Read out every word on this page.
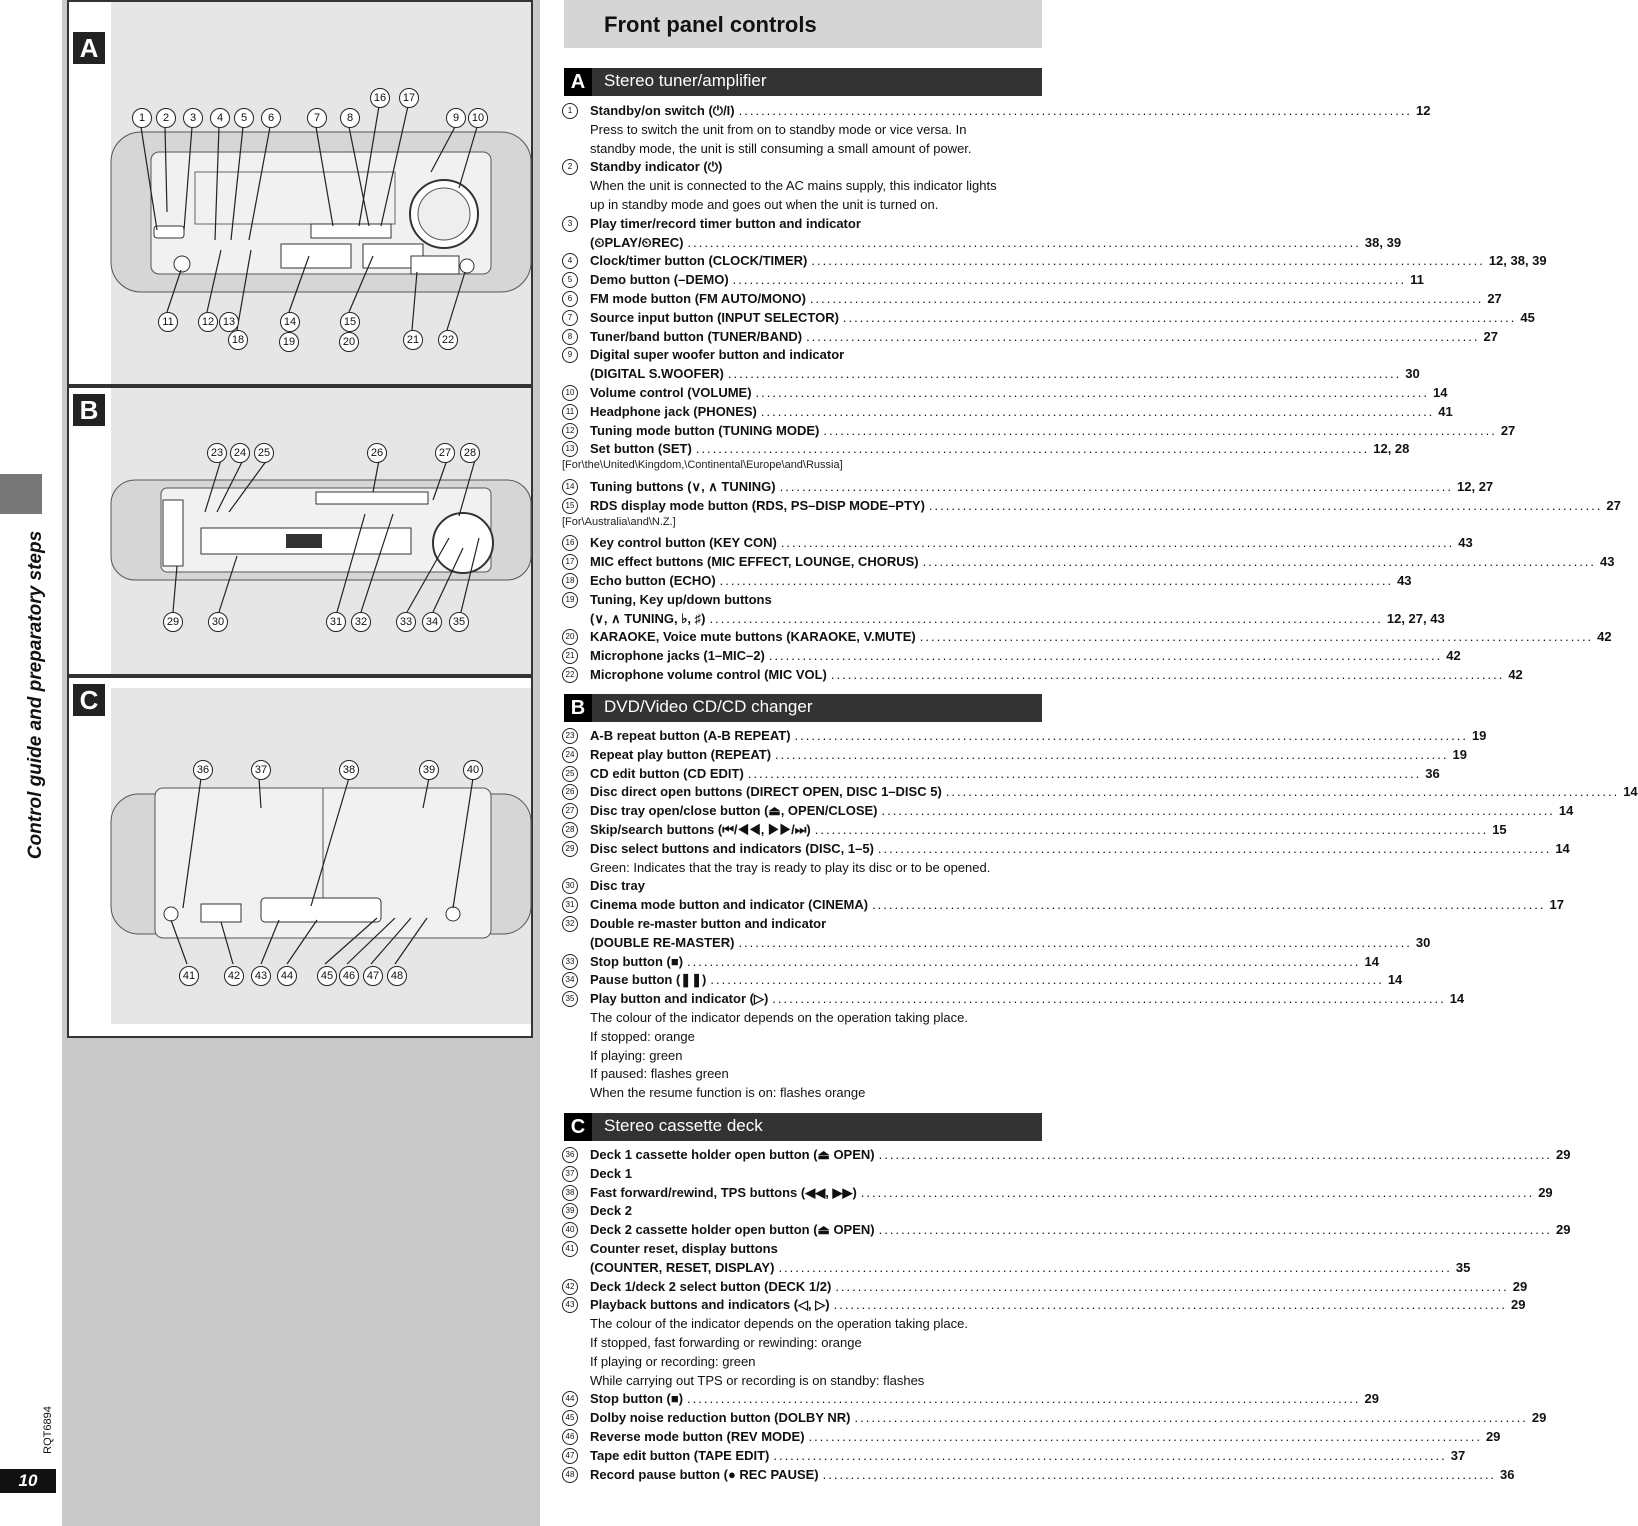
Control guide and preparatory steps
RQT6894
10
A
1	2	3	4	5	6	7	8
16	17
9	10
11	12 13	14	15
18	19	20	21	22
B
23 24	25	26	27	28
29	30	31	32	33	34	35
C
36	37	38	39	40
41	42	43	44	45 46	47	48
Front panel controls
A	Stereo tuner/amplifier
1	Standby/on switch (⏻/I) ........................................................................................................................ 12
Press to switch the unit from on to standby mode or vice versa. In
standby mode, the unit is still consuming a small amount of power.
2	Standby indicator (⏻)
When the unit is connected to the AC mains supply, this indicator lights
up in standby mode and goes out when the unit is turned on.
3	Play timer/record timer button and indicator
(⏲PLAY/⏲REC) ........................................................................................................................ 38, 39
4	Clock/timer button (CLOCK/TIMER) ........................................................................................................................ 12, 38, 39
5	Demo button (–DEMO) ........................................................................................................................ 11
6	FM mode button (FM AUTO/MONO) ........................................................................................................................ 27
7	Source input button (INPUT SELECTOR) ........................................................................................................................ 45
8	Tuner/band button (TUNER/BAND) ........................................................................................................................ 27
9	Digital super woofer button and indicator
(DIGITAL S.WOOFER) ........................................................................................................................ 30
10 Volume control (VOLUME) ........................................................................................................................ 14
11 Headphone jack (PHONES) ........................................................................................................................ 41
12 Tuning mode button (TUNING MODE) ........................................................................................................................ 27
13 Set button (SET) ........................................................................................................................ 12, 28
[For\the\United\Kingdom,\Continental\Europe\and\Russia]
14 Tuning buttons (∨, ∧ TUNING) ........................................................................................................................ 12, 27
15 RDS display mode button (RDS, PS–DISP MODE–PTY) ........................................................................................................................ 27
[For\Australia\and\N.Z.]
16 Key control button (KEY CON) ........................................................................................................................ 43
17 MIC effect buttons (MIC EFFECT, LOUNGE, CHORUS) ........................................................................................................................ 43
18 Echo button (ECHO) ........................................................................................................................ 43
19 Tuning, Key up/down buttons
(∨, ∧ TUNING, ♭, ♯) ........................................................................................................................ 12, 27, 43
20 KARAOKE, Voice mute buttons (KARAOKE, V.MUTE) ........................................................................................................................ 42
21 Microphone jacks (1–MIC–2) ........................................................................................................................ 42
22 Microphone volume control (MIC VOL) ........................................................................................................................ 42
B	DVD/Video CD/CD changer
23 A-B repeat button (A-B REPEAT) ........................................................................................................................ 19
24 Repeat play button (REPEAT) ........................................................................................................................ 19
25 CD edit button (CD EDIT) ........................................................................................................................ 36
26 Disc direct open buttons (DIRECT OPEN, DISC 1–DISC 5) ........................................................................................................................ 14
27 Disc tray open/close button (⏏, OPEN/CLOSE) ........................................................................................................................ 14
28 Skip/search buttons (⏮/◀◀, ▶▶/⏭) ........................................................................................................................ 15
29 Disc select buttons and indicators (DISC, 1–5) ........................................................................................................................ 14
Green: Indicates that the tray is ready to play its disc or to be opened.
30 Disc tray
31 Cinema mode button and indicator (CINEMA) ........................................................................................................................ 17
32 Double re-master button and indicator
(DOUBLE RE-MASTER) ........................................................................................................................ 30
33 Stop button (■) ........................................................................................................................ 14
34 Pause button (❚❚) ........................................................................................................................ 14
35 Play button and indicator (▷) ........................................................................................................................ 14
The colour of the indicator depends on the operation taking place.
If stopped: orange
If playing: green
If paused: flashes green
When the resume function is on: flashes orange
C	Stereo cassette deck
36 Deck 1 cassette holder open button (⏏ OPEN) ........................................................................................................................ 29
37 Deck 1
38 Fast forward/rewind, TPS buttons (◀◀, ▶▶) ........................................................................................................................ 29
39 Deck 2
40 Deck 2 cassette holder open button (⏏ OPEN) ........................................................................................................................ 29
41 Counter reset, display buttons
(COUNTER, RESET, DISPLAY) ........................................................................................................................ 35
42 Deck 1/deck 2 select button (DECK 1/2) ........................................................................................................................ 29
43 Playback buttons and indicators (◁, ▷) ........................................................................................................................ 29
The colour of the indicator depends on the operation taking place.
If stopped, fast forwarding or rewinding: orange
If playing or recording: green
While carrying out TPS or recording is on standby: flashes
44 Stop button (■) ........................................................................................................................ 29
45 Dolby noise reduction button (DOLBY NR) ........................................................................................................................ 29
46 Reverse mode button (REV MODE) ........................................................................................................................ 29
47 Tape edit button (TAPE EDIT) ........................................................................................................................ 37
48 Record pause button (● REC PAUSE) ........................................................................................................................ 36
